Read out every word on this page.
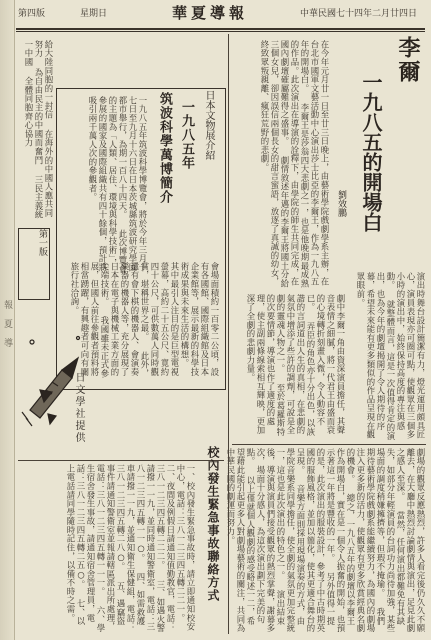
報 夏 導
第四版	星期日	華夏導報	中華民國七十四年二月廿四日
李爾
一九八五的開場白
劉效鵬
在今年元月廿一日至廿三日晚上，由藝術學院戲劇學系主辦，在台北市國軍文藝活動中心演出莎士比亞的李爾王，作為一九八五年的開場白。 李爾王是莎翁四大悲劇之一，也是他晚期最成熟的作品。此次演出在導演的詮釋下，由學院的師生共同完成，在國內劇壇確屬難得之盛事。 劇情敘述年邁的李爾王將國土分給三個女兒，卻因誤信兩個長女的甜言蜜語，放逐了真誠的幼女，終致眾叛親離、瘋狂荒野的悲劇。
演出時舞台設計簡潔有力，燈光運用頗具匠心，演員表現亦可圈可點，使觀眾在三個多小時的演出中，始終保持高度的專注與感動。 就整體而言，這是一次值得肯定的演出，也為今年的劇壇揭開了令人期待的序幕，希望未來能有更多類似的作品呈現在觀眾眼前。
劇中李爾一角由資深演員擔任，其聲音表情之細膩，將一代君王由盛而衰的心境轉折刻畫入微，令人動容不已。 弄臣的角色亦十分出色，以詼諧的言詞道出人生的真相，在悲劇的氣氛中增添了些許的調劑，可說是全劇的靈魂人物之一。 至於葛羅斯特的次要情節，導演也作了適度的處理，使主副兩條線索相互輝映，更加深了全劇的悲劇力量。
劇場的觀眾反應熱烈，許多人看完後仍久久不願離去，在大廳中熱烈討論劇情與演出，足見此劇之感人至深。 當然，任何演出都難免有其缺失，如部分年輕演員的台詞功力尚待加強，某些場面的調度稍嫌擁擠等，但瑕不掩瑜。 我們期待藝術學院戲劇系能繼續努力，為國內的劇場注入更多新的活力，使觀眾有更多欣賞經典名劇的機會。 總之，一九八五年的劇壇以李爾王作為開場白，實在是一個令人振奮的開始，也預示著這一年將是豐收的一年。 另外值得一提的是，此次演出的服裝設計，參考了中古時期英國的服飾風格，並加以簡化，使其更適合舞台的呈現。 音樂方面則採用現場演奏的方式，由學院音樂系同學擔任，使全劇的氣氛更加完整統一，這也是此次演出的特色之一。 演出結束後，導演與演員們接受觀眾的熱烈掌聲，謝幕多次，場面十分感人，為這次演出劃下完美的句點。 以上僅就個人觀劇的感受略述一二，希望藉此能引起更多人對劇場藝術的關注，共同為中華民國的劇運而努力。
日本文物展介紹
一九八五年
筑波科學萬博簡介
一九八五年筑波科學博覽會，將於今年三月十七日至九月十六日在日本茨城縣筑波研究學園都市舉行，為期一百八十四天。 此次博覽會的主題為「人類、居住、環境與科學技術」，參展的國家及國際組織共有四十餘個，預計將吸引兩千萬人次的參觀者。
會場面積約一百零二公頃，設有各國館、國際組織館及日本企業館等，展示最新的科學技術成果與未來生活的構想。 其中最引人注目的是巨型電視螢幕，高約二十五公尺、寬約四十公尺，可供數萬人同時觀賞，堪稱世界之最。 此外，還有會下棋的機器人、會演奏樂器的機器人等，充分展現了日本在電子與機械工業方面的尖端技術。 我國雖未正式參展，但國人前往參觀者預料將相當踴躍，有興趣者可向有關旅行社洽詢。
給大陸同胞的一封信 在海外的中國人應共同努力 為自由民主的中國而奮鬥 三民主義統一中國 全體同胞齊心協力
第一版
日文學社提供
校內發生緊急事故聯絡方式
一、校內發生緊急事故時，請立即通知校安中心，電話：三八一二三四五轉二二一。 二、夜間及例假日請通知值勤教官，電話：三八一二三四五轉二二二。 三、如遇火警請撥一一九，並同時通知警衛室，電話：三八一二三四五轉一一○。 四、如需救護車請撥一一九，並通知衛生保健組，電話：三八一二三四五轉二八○。 五、遇竊盜事件請通知警衛室並報請轄區派出所處理，電話：三八一二三四五轉一一一。 六、學生宿舍發生事故，請通知宿舍管理員，電話：三八一二三四五轉二五○。 七、以上電話請同學隨時記住，以備不時之需。
